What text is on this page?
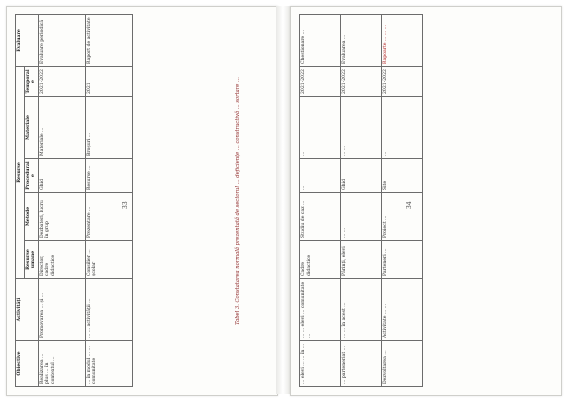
Tabel 3. Constatarea normală prezentată de sectorul ... deficiențe ... constructivă ... sortare ...
Obiective	Activități	Resurse					Evaluare
		Resurse umane	Metode	Procedurale	Materiale	Temporale	
Realizarea ... plus ... în contextul ...	Promovarea ... și ...	Director, cadre didactice	Dezbateri, lucru în grup	Ghid	Materiale ...	2021-2022	Evaluare periodică
... în modul ... ... comunitate	... ... activității ...	Consilier ... școlar	Prezentare ...	Resurse ...	Broșuri ...	2021	Raport de activitate
33
... elevi ... ... în ...	... ... elevi ... comunitate ...	Cadre didactice	Studiu de caz ...	...	...	2021-2022	Chestionare ...
... parteneriat ...	... ... în acest ...	Părinți, elevi	... ...	Ghid	... ...	2021-2022	Evaluarea ...
Dezvoltarea ...	Activitate ... ...	Parteneri ...	Proiect ...	Site	...	2021-2022	Rapoarte ... ... ...
34
